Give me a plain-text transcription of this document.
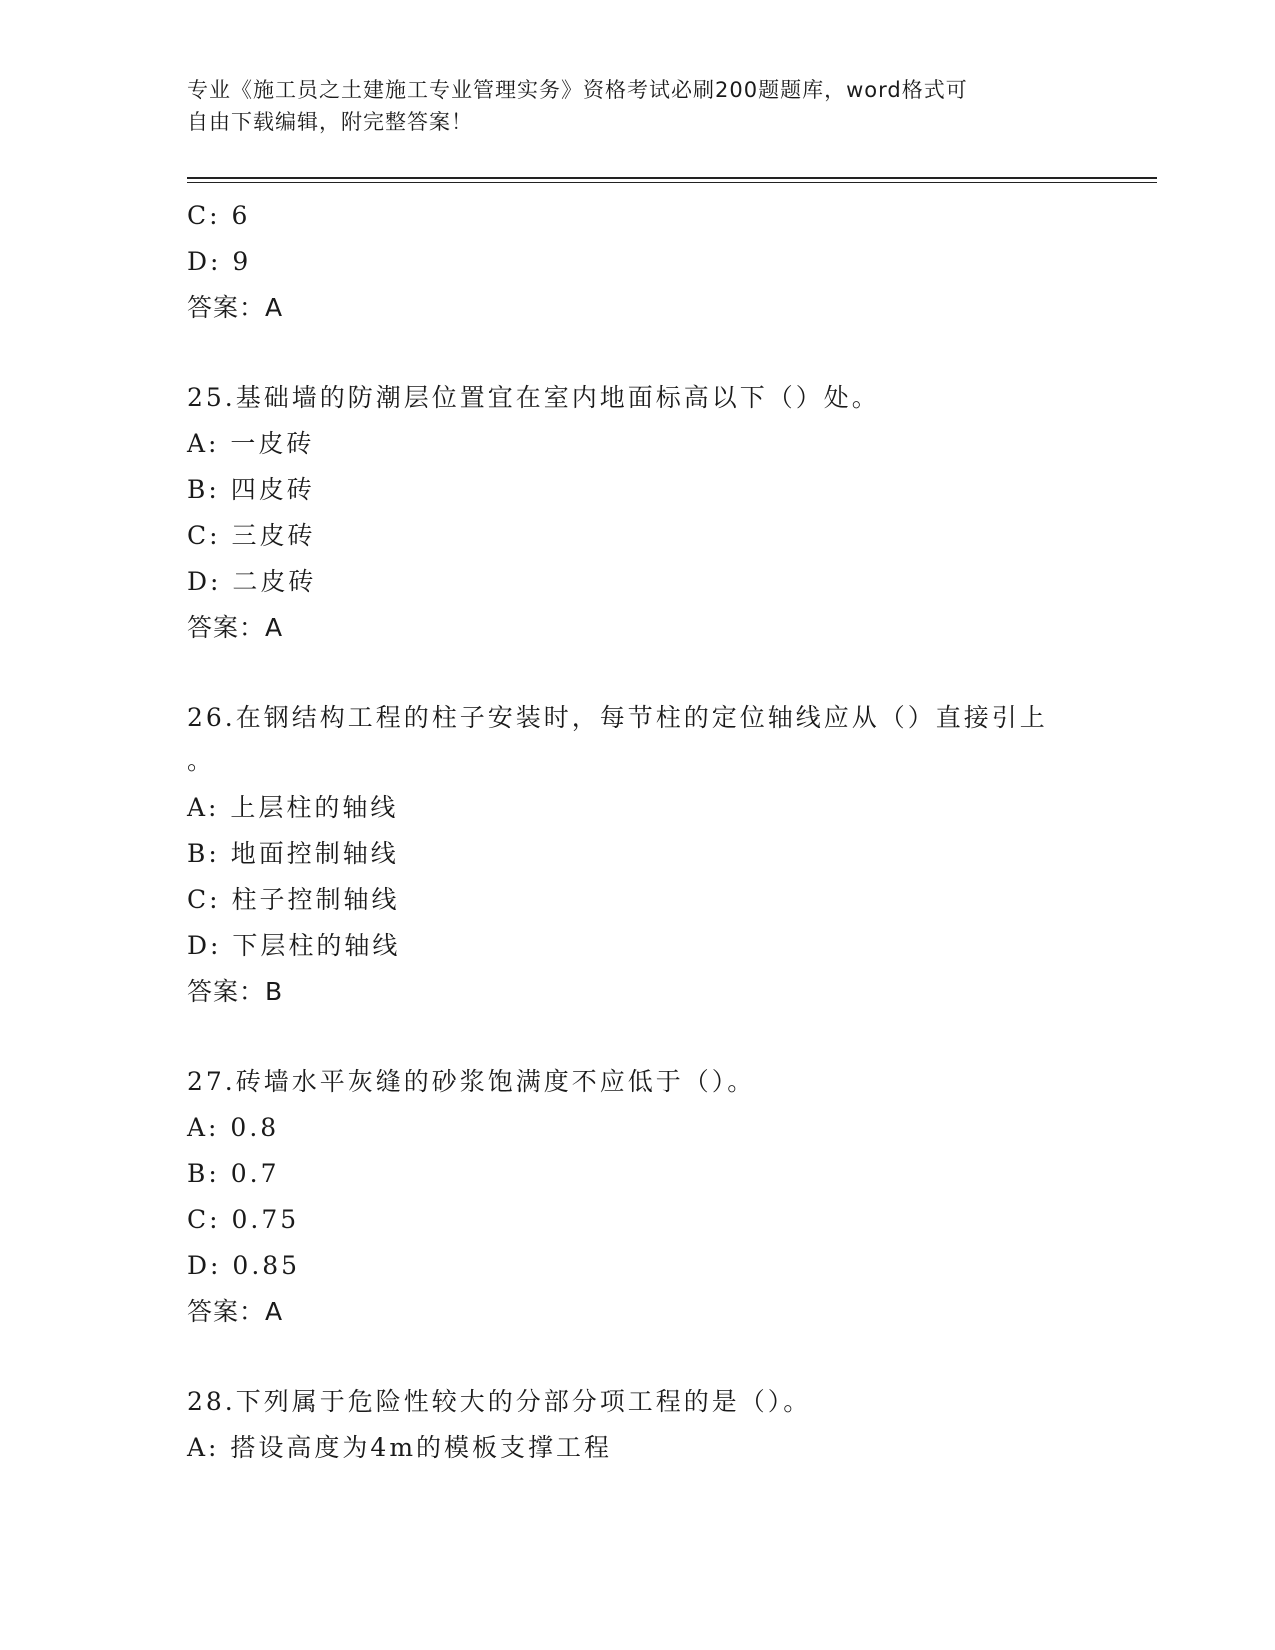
专业《施工员之土建施工专业管理实务》资格考试必刷200题题库，word格式可
自由下载编辑，附完整答案！
C: 6
D: 9
答案：A
25.基础墙的防潮层位置宜在室内地面标高以下（）处。
A: 一皮砖
B: 四皮砖
C: 三皮砖
D: 二皮砖
答案：A
26.在钢结构工程的柱子安装时，每节柱的定位轴线应从（）直接引上
。
A: 上层柱的轴线
B: 地面控制轴线
C: 柱子控制轴线
D: 下层柱的轴线
答案：B
27.砖墙水平灰缝的砂浆饱满度不应低于（）。
A: 0.8
B: 0.7
C: 0.75
D: 0.85
答案：A
28.下列属于危险性较大的分部分项工程的是（）。
A: 搭设高度为4m的模板支撑工程
